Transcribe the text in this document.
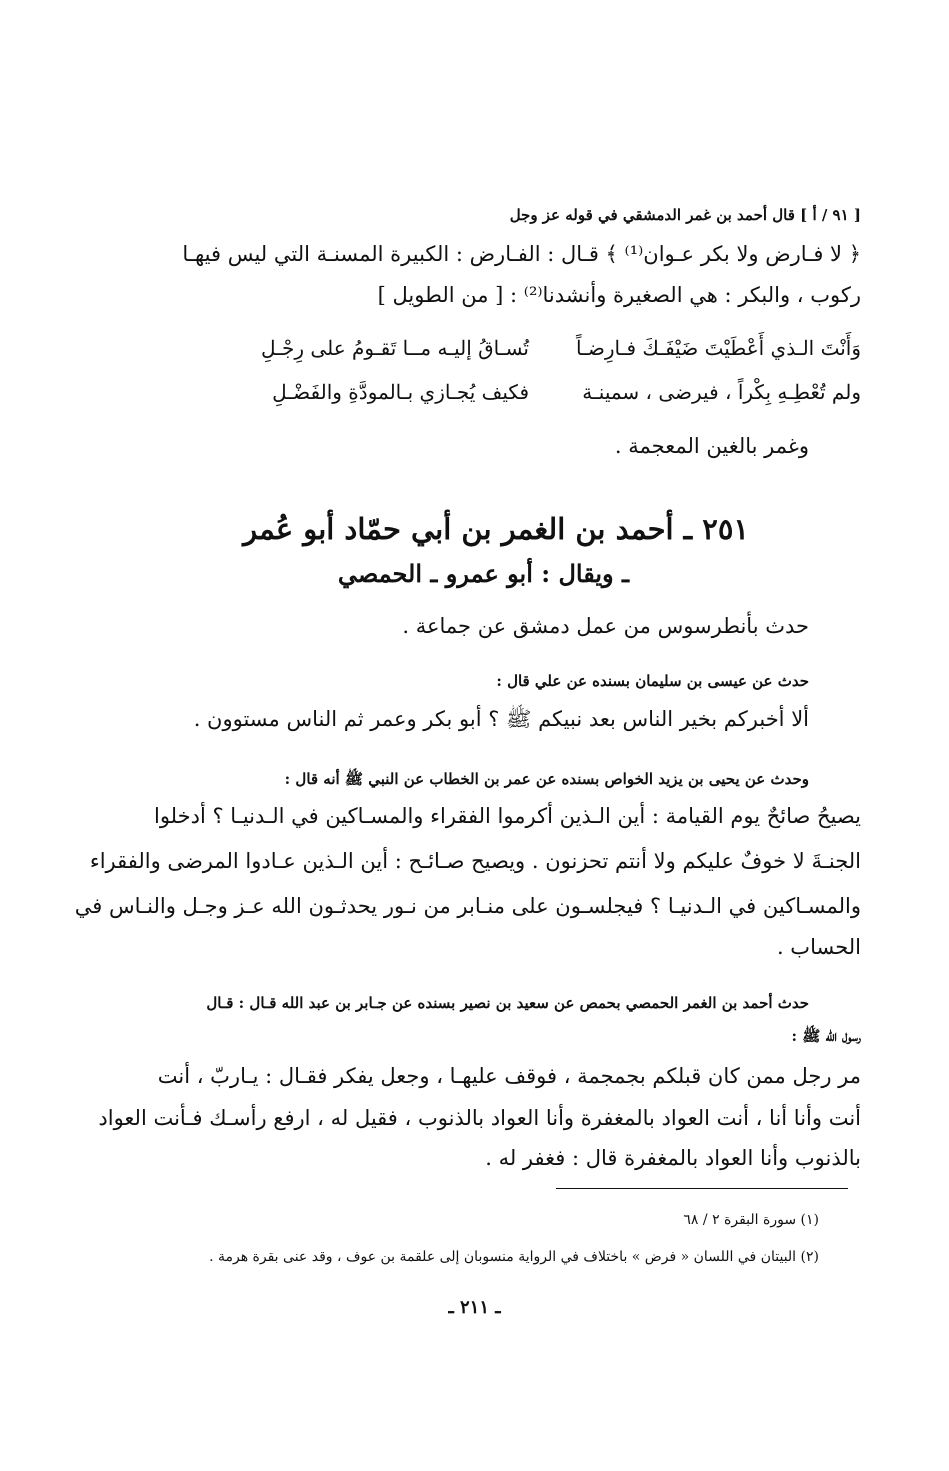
[ ٩١ / أ ] قال أحمد بن غمر الدمشقي في قوله عز وجل
﴿ لا فـارض ولا بكر عـوان⁽¹⁾ ﴾ قـال : الفـارض : الكبيرة المسنـة التي ليس فيهـا
ركوب ، والبكر : هي الصغيرة وأنشدنا⁽²⁾ : [ من الطويل ]
وَأَنْتَ الـذي أَعْطَيْتَ ضَيْفَـكَ فـارِضـاً
تُسـاقُ إليـه مــا تَقـومُ على رِجْـلِ
ولم تُعْطِـهِ بِكْراً ، فيرضى ، سمينـة
فكيف يُجـازي بـالمودَّةِ والفَضْـلِ
وغمر بالغين المعجمة .
٢٥١ ـ أحمد بن الغمر بن أبي حمّاد أبو عُمر
ـ ويقال : أبو عمرو ـ الحمصي
حدث بأنطرسوس من عمل دمشق عن جماعة .
حدث عن عيسى بن سليمان بسنده عن علي قال :
ألا أخبركم بخير الناس بعد نبيكم ﷺ ؟ أبو بكر وعمر ثم الناس مستوون .
وحدث عن يحيى بن يزيد الخواص بسنده عن عمر بن الخطاب عن النبي ﷺ أنه قال :
يصيحُ صائحٌ يوم القيامة : أين الـذين أكرموا الفقراء والمسـاكين في الـدنيـا ؟ أدخلوا
الجنـةَ لا خوفٌ عليكم ولا أنتم تحزنون . ويصيح صـائـح : أين الـذين عـادوا المرضى والفقراء
والمسـاكين في الـدنيـا ؟ فيجلسـون على منـابر من نـور يحدثـون الله عـز وجـل والنـاس في
الحساب .
حدث أحمد بن الغمر الحمصي بحمص عن سعيد بن نصير بسنده عن جـابر بن عبد الله قـال : قـال
رسول الله ﷺ :
مر رجل ممن كان قبلكم بجمجمة ، فوقف عليهـا ، وجعل يفكر فقـال : يـاربّ ، أنت
أنت وأنا أنا ، أنت العواد بالمغفرة وأنا العواد بالذنوب ، فقيل له ، ارفع رأسـك فـأنت العواد
بالذنوب وأنا العواد بالمغفرة قال : فغفر له .
(١) سورة البقرة ٢ / ٦٨
(٢) البيتان في اللسان « فرض » باختلاف في الرواية منسوبان إلى علقمة بن عوف ، وقد عنى بقرة هرمة .
ـ ٢١١ ـ
